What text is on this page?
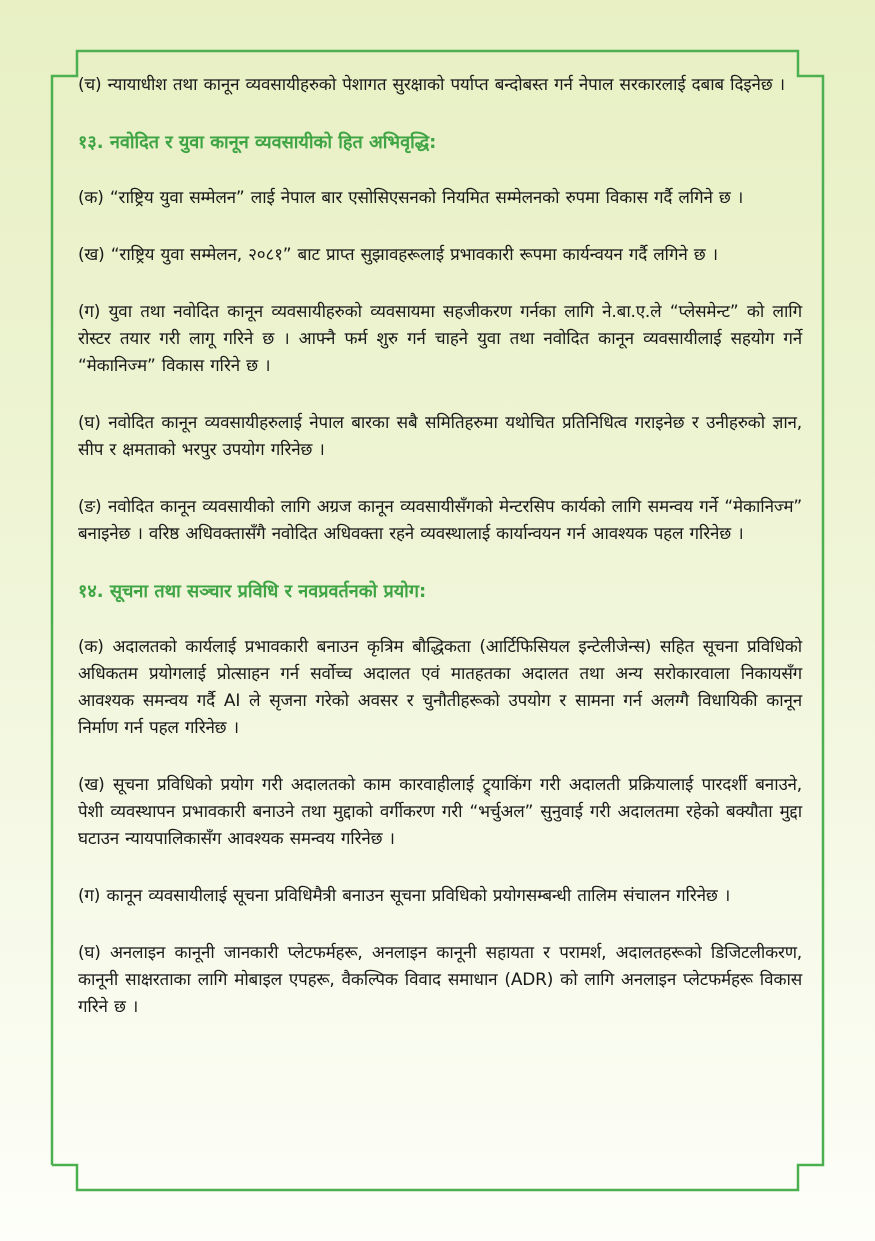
(च) न्यायाधीश तथा कानून व्यवसायीहरुको पेशागत सुरक्षाको पर्याप्त बन्दोबस्त गर्न नेपाल सरकारलाई दबाब दिइनेछ ।

१३. नवोदित र युवा कानून व्यवसायीको हित अभिवृद्धि:

(क) “राष्ट्रिय युवा सम्मेलन” लाई नेपाल बार एसोसिएसनको नियमित सम्मेलनको रुपमा विकास गर्दै लगिने छ ।

(ख) “राष्ट्रिय युवा सम्मेलन, २०८१” बाट प्राप्त सुझावहरूलाई प्रभावकारी रूपमा कार्यन्वयन गर्दै लगिने छ ।

(ग) युवा तथा नवोदित कानून व्यवसायीहरुको व्यवसायमा सहजीकरण गर्नका लागि ने.बा.ए.ले “प्लेसमेन्ट” को लागि रोस्टर तयार गरी लागू गरिने छ । आफ्नै फर्म शुरु गर्न चाहने युवा तथा नवोदित कानून व्यवसायीलाई सहयोग गर्ने “मेकानिज्म” विकास गरिने छ ।

(घ) नवोदित कानून व्यवसायीहरुलाई नेपाल बारका सबै समितिहरुमा यथोचित प्रतिनिधित्व गराइनेछ र उनीहरुको ज्ञान, सीप र क्षमताको भरपुर उपयोग गरिनेछ ।

(ङ) नवोदित कानून व्यवसायीको लागि अग्रज कानून व्यवसायीसँगको मेन्टरसिप कार्यको लागि समन्वय गर्ने “मेकानिज्म” बनाइनेछ । वरिष्ठ अधिवक्तासँगै नवोदित अधिवक्ता रहने व्यवस्थालाई कार्यान्वयन गर्न आवश्यक पहल गरिनेछ ।

१४. सूचना तथा सञ्चार प्रविधि र नवप्रवर्तनको प्रयोग:

(क) अदालतको कार्यलाई प्रभावकारी बनाउन कृत्रिम बौद्धिकता (आर्टिफिसियल इन्टेलीजेन्स) सहित सूचना प्रविधिको अधिकतम प्रयोगलाई प्रोत्साहन गर्न सर्वोच्च अदालत एवं मातहतका अदालत तथा अन्य सरोकारवाला निकायसँग आवश्यक समन्वय गर्दै AI ले सृजना गरेको अवसर र चुनौतीहरूको उपयोग र सामना गर्न अलग्गै विधायिकी कानून निर्माण गर्न पहल गरिनेछ ।

(ख) सूचना प्रविधिको प्रयोग गरी अदालतको काम कारवाहीलाई ट्र्याकिंग गरी अदालती प्रक्रियालाई पारदर्शी बनाउने, पेशी व्यवस्थापन प्रभावकारी बनाउने तथा मुद्दाको वर्गीकरण गरी “भर्चुअल” सुनुवाई गरी अदालतमा रहेको बक्यौता मुद्दा घटाउन न्यायपालिकासँग आवश्यक समन्वय गरिनेछ ।

(ग) कानून व्यवसायीलाई सूचना प्रविधिमैत्री बनाउन सूचना प्रविधिको प्रयोगसम्बन्धी तालिम संचालन गरिनेछ ।

(घ) अनलाइन कानूनी जानकारी प्लेटफर्महरू, अनलाइन कानूनी सहायता र परामर्श, अदालतहरूको डिजिटलीकरण, कानूनी साक्षरताका लागि मोबाइल एपहरू, वैकल्पिक विवाद समाधान (ADR) को लागि अनलाइन प्लेटफर्महरू विकास गरिने छ ।
